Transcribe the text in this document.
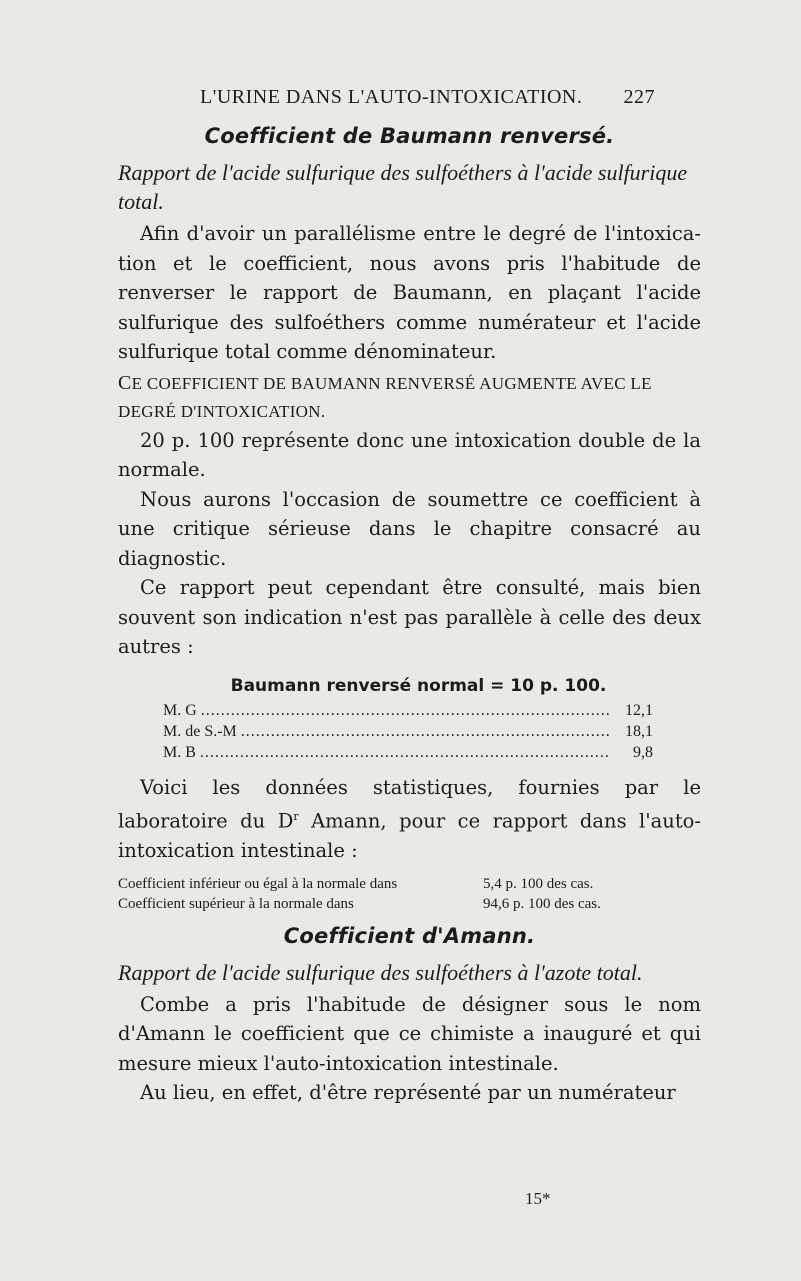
L'URINE DANS L'AUTO-INTOXICATION. 227
Coefficient de Baumann renversé.

Rapport de l'acide sulfurique des sulfoéthers à l'acide sulfurique total.

Afin d'avoir un parallélisme entre le degré de l'intoxica-tion et le coefficient, nous avons pris l'habitude de renverser le rapport de Baumann, en plaçant l'acide sulfurique des sulfoéthers comme numérateur et l'acide sulfurique total comme dénominateur.

CE COEFFICIENT DE BAUMANN RENVERSÉ AUGMENTE AVEC LE DEGRÉ D'INTOXICATION.

20 p. 100 représente donc une intoxication double de la normale.

Nous aurons l'occasion de soumettre ce coefficient à une critique sérieuse dans le chapitre consacré au diagnostic.

Ce rapport peut cependant être consulté, mais bien souvent son indication n'est pas parallèle à celle des deux autres :

Baumann renversé normal = 10 p. 100.
M. G .....	12,1
M. de S.-M .....	18,1
M. B .....	9,8

Voici les données statistiques, fournies par le laboratoire du $D^r$ Amann, pour ce rapport dans l'auto-intoxication intestinale :

Coefficient inférieur ou égal à la normale dans	5,4 p. 100 des cas.
Coefficient supérieur à la normale dans	94,6 p. 100 des cas.
Coefficient d'Amann.

Rapport de l'acide sulfurique des sulfoéthers à l'azote total.

Combe a pris l'habitude de désigner sous le nom d'Amann le coefficient que ce chimiste a inauguré et qui mesure mieux l'auto-intoxication intestinale.

Au lieu, en effet, d'être représenté par un numérateur

15*
